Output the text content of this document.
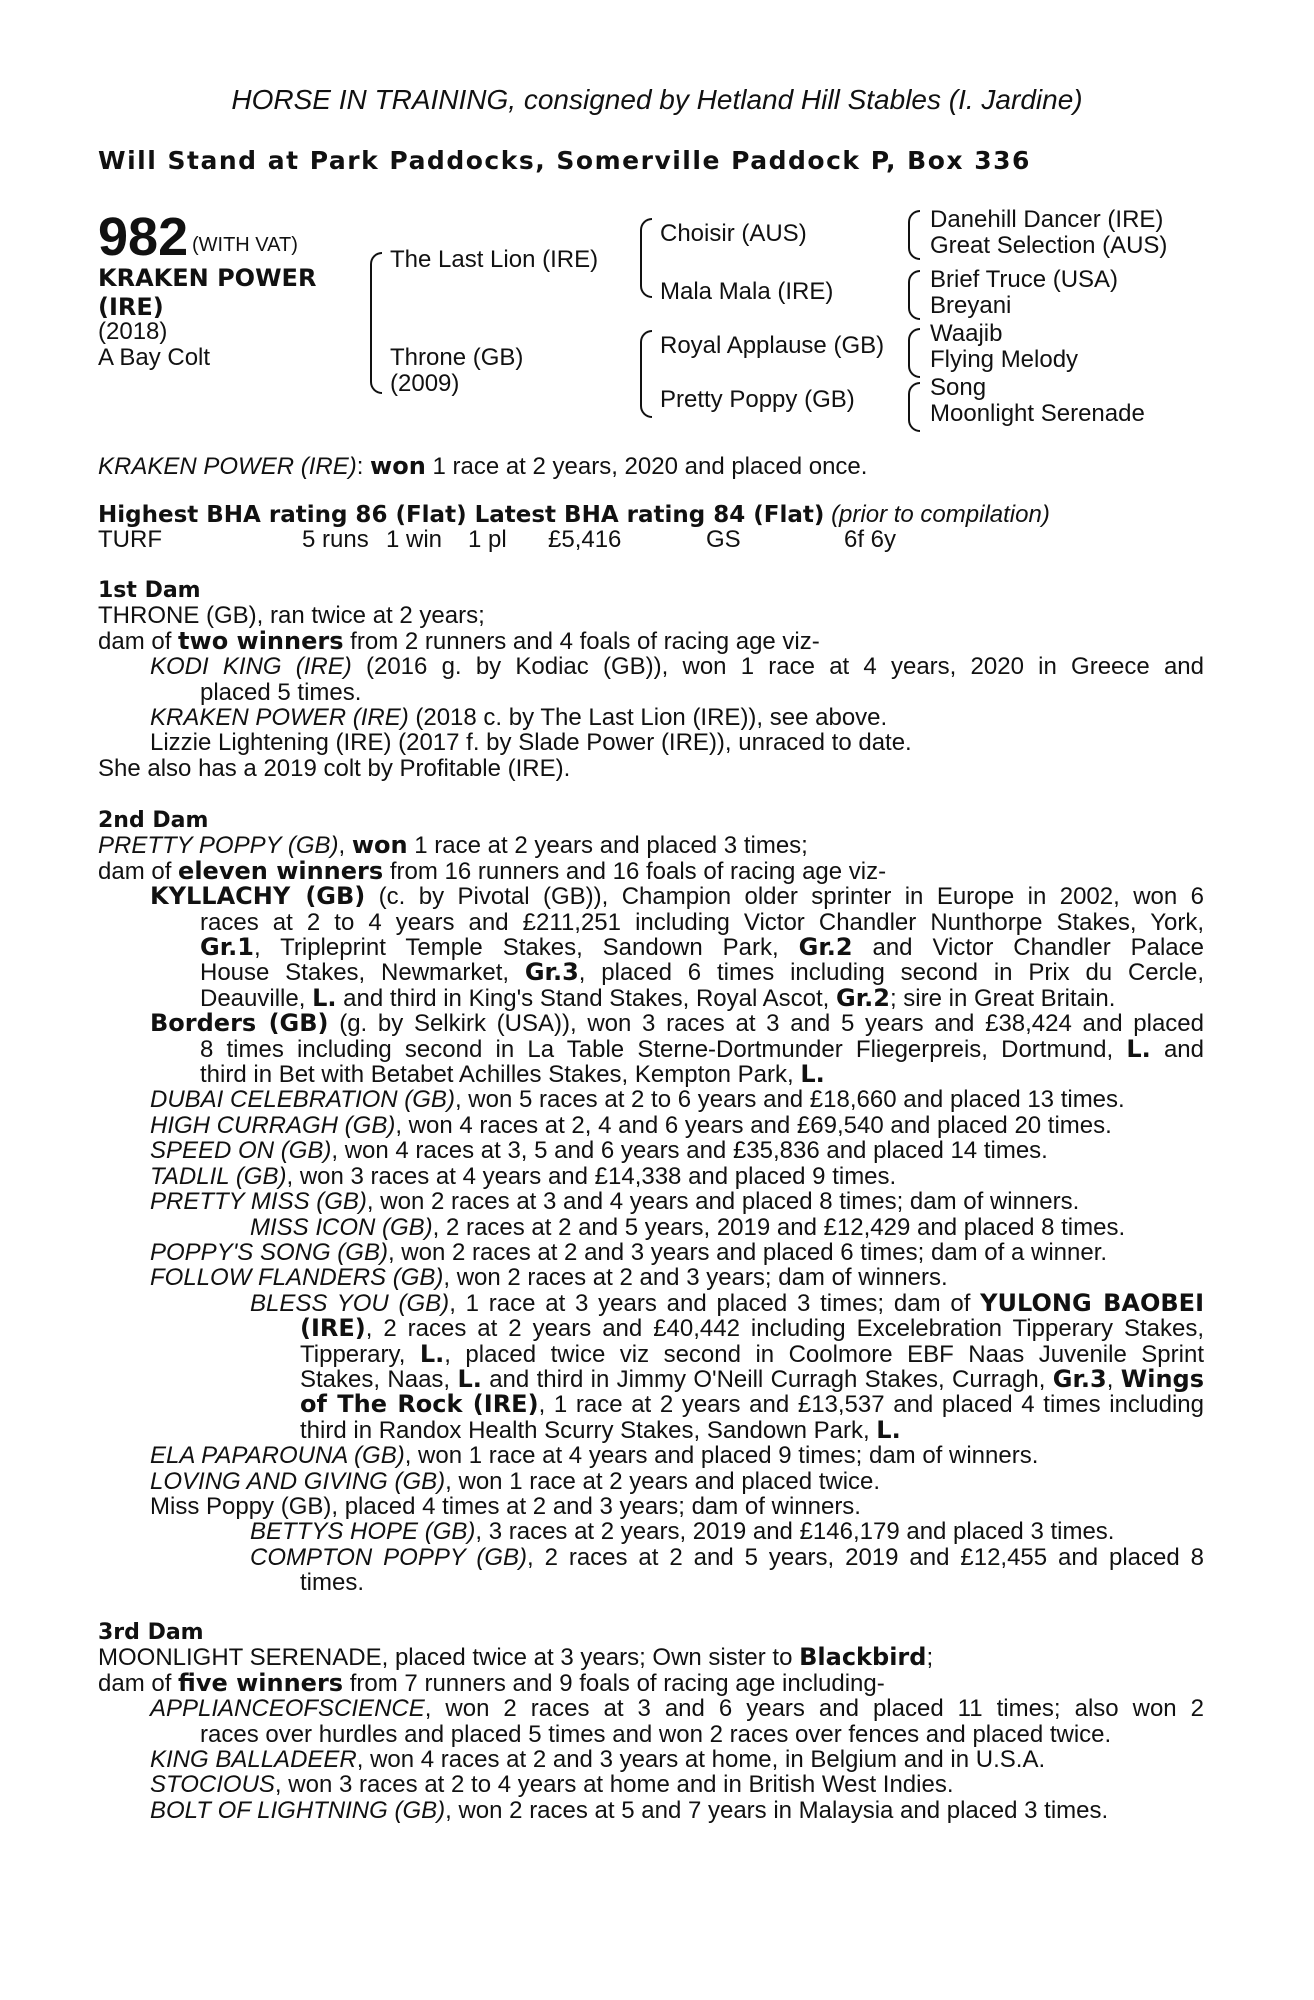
HORSE IN TRAINING, consigned by Hetland Hill Stables (I. Jardine)
Will Stand at Park Paddocks, Somerville Paddock P, Box 336
982 (WITH VAT)
KRAKEN POWER
(IRE)
(2018)
A Bay Colt
The Last Lion (IRE)
Throne (GB)
(2009)
Choisir (AUS)
Mala Mala (IRE)
Royal Applause (GB)
Pretty Poppy (GB)
Danehill Dancer (IRE)
Great Selection (AUS)
Brief Truce (USA)
Breyani
Waajib
Flying Melody
Song
Moonlight Serenade
KRAKEN POWER (IRE): won 1 race at 2 years, 2020 and placed once.
Highest BHA rating 86 (Flat) Latest BHA rating 84 (Flat) (prior to compilation)
TURF	5 runs 1 win 1 pl £5,416	GS	6f 6y
1st Dam
THRONE (GB), ran twice at 2 years;
dam of two winners from 2 runners and 4 foals of racing age viz-
KODI KING (IRE) (2016 g. by Kodiac (GB)), won 1 race at 4 years, 2020 in Greece and
placed 5 times.
KRAKEN POWER (IRE) (2018 c. by The Last Lion (IRE)), see above.
Lizzie Lightening (IRE) (2017 f. by Slade Power (IRE)), unraced to date.
She also has a 2019 colt by Profitable (IRE).
2nd Dam
PRETTY POPPY (GB), won 1 race at 2 years and placed 3 times;
dam of eleven winners from 16 runners and 16 foals of racing age viz-
KYLLACHY (GB) (c. by Pivotal (GB)), Champion older sprinter in Europe in 2002, won 6
races at 2 to 4 years and £211,251 including Victor Chandler Nunthorpe Stakes, York,
Gr.1, Tripleprint Temple Stakes, Sandown Park, Gr.2 and Victor Chandler Palace
House Stakes, Newmarket, Gr.3, placed 6 times including second in Prix du Cercle,
Deauville, L. and third in King's Stand Stakes, Royal Ascot, Gr.2; sire in Great Britain.
Borders (GB) (g. by Selkirk (USA)), won 3 races at 3 and 5 years and £38,424 and placed
8 times including second in La Table Sterne-Dortmunder Fliegerpreis, Dortmund, L. and
third in Bet with Betabet Achilles Stakes, Kempton Park, L.
DUBAI CELEBRATION (GB), won 5 races at 2 to 6 years and £18,660 and placed 13 times.
HIGH CURRAGH (GB), won 4 races at 2, 4 and 6 years and £69,540 and placed 20 times.
SPEED ON (GB), won 4 races at 3, 5 and 6 years and £35,836 and placed 14 times.
TADLIL (GB), won 3 races at 4 years and £14,338 and placed 9 times.
PRETTY MISS (GB), won 2 races at 3 and 4 years and placed 8 times; dam of winners.
MISS ICON (GB), 2 races at 2 and 5 years, 2019 and £12,429 and placed 8 times.
POPPY'S SONG (GB), won 2 races at 2 and 3 years and placed 6 times; dam of a winner.
FOLLOW FLANDERS (GB), won 2 races at 2 and 3 years; dam of winners.
BLESS YOU (GB), 1 race at 3 years and placed 3 times; dam of YULONG BAOBEI
(IRE), 2 races at 2 years and £40,442 including Excelebration Tipperary Stakes,
Tipperary, L., placed twice viz second in Coolmore EBF Naas Juvenile Sprint
Stakes, Naas, L. and third in Jimmy O'Neill Curragh Stakes, Curragh, Gr.3, Wings
of The Rock (IRE), 1 race at 2 years and £13,537 and placed 4 times including
third in Randox Health Scurry Stakes, Sandown Park, L.
ELA PAPAROUNA (GB), won 1 race at 4 years and placed 9 times; dam of winners.
LOVING AND GIVING (GB), won 1 race at 2 years and placed twice.
Miss Poppy (GB), placed 4 times at 2 and 3 years; dam of winners.
BETTYS HOPE (GB), 3 races at 2 years, 2019 and £146,179 and placed 3 times.
COMPTON POPPY (GB), 2 races at 2 and 5 years, 2019 and £12,455 and placed 8
times.
3rd Dam
MOONLIGHT SERENADE, placed twice at 3 years; Own sister to Blackbird;
dam of five winners from 7 runners and 9 foals of racing age including-
APPLIANCEOFSCIENCE, won 2 races at 3 and 6 years and placed 11 times; also won 2
races over hurdles and placed 5 times and won 2 races over fences and placed twice.
KING BALLADEER, won 4 races at 2 and 3 years at home, in Belgium and in U.S.A.
STOCIOUS, won 3 races at 2 to 4 years at home and in British West Indies.
BOLT OF LIGHTNING (GB), won 2 races at 5 and 7 years in Malaysia and placed 3 times.
